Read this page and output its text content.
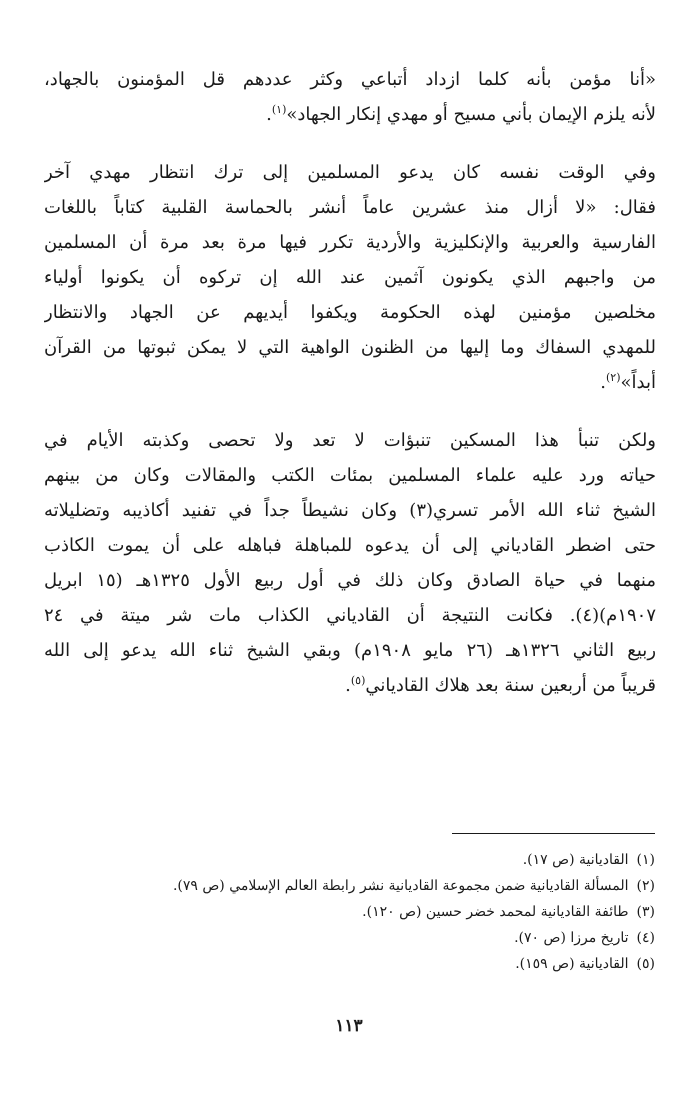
«أنا مؤمن بأنه كلما ازداد أتباعي وكثر عددهم قل المؤمنون بالجهاد،
لأنه يلزم الإيمان بأني مسيح أو مهدي إنكار الجهاد»$^{(١)}$.
وفي الوقت نفسه كان يدعو المسلمين إلى ترك انتظار مهدي آخر
فقال: «لا أزال منذ عشرين عاماً أنشر بالحماسة القلبية كتاباً باللغات
الفارسية والعربية والإنكليزية والأردية تكرر فيها مرة بعد مرة أن المسلمين
من واجبهم الذي يكونون آثمين عند الله إن تركوه أن يكونوا أولياء
مخلصين مؤمنين لهذه الحكومة ويكفوا أيديهم عن الجهاد والانتظار
للمهدي السفاك وما إليها من الظنون الواهية التي لا يمكن ثبوتها من القرآن
أبداً»$^{(٢)}$.
ولكن تنبأ هذا المسكين تنبؤات لا تعد ولا تحصى وكذبته الأيام في
حياته ورد عليه علماء المسلمين بمئات الكتب والمقالات وكان من بينهم
الشيخ ثناء الله الأمر تسري(٣) وكان نشيطاً جداً في تفنيد أكاذيبه وتضليلاته
حتى اضطر القادياني إلى أن يدعوه للمباهلة فباهله على أن يموت الكاذب
منهما في حياة الصادق وكان ذلك في أول ربيع الأول ١٣٢٥هـ (١٥ ابريل
١٩٠٧م)(٤). فكانت النتيجة أن القادياني الكذاب مات شر ميتة في ٢٤
ربيع الثاني ١٣٢٦هـ (٢٦ مايو ١٩٠٨م) وبقي الشيخ ثناء الله يدعو إلى الله
قريباً من أربعين سنة بعد هلاك القادياني$^{(٥)}$.
(١)القاديانية (ص ١٧).
(٢)المسألة القاديانية ضمن مجموعة القاديانية نشر رابطة العالم الإسلامي (ص ٧٩).
(٣)طائفة القاديانية لمحمد خضر حسين (ص ١٢٠).
(٤)تاريخ مرزا (ص ٧٠).
(٥)القاديانية (ص ١٥٩).
١١٣
